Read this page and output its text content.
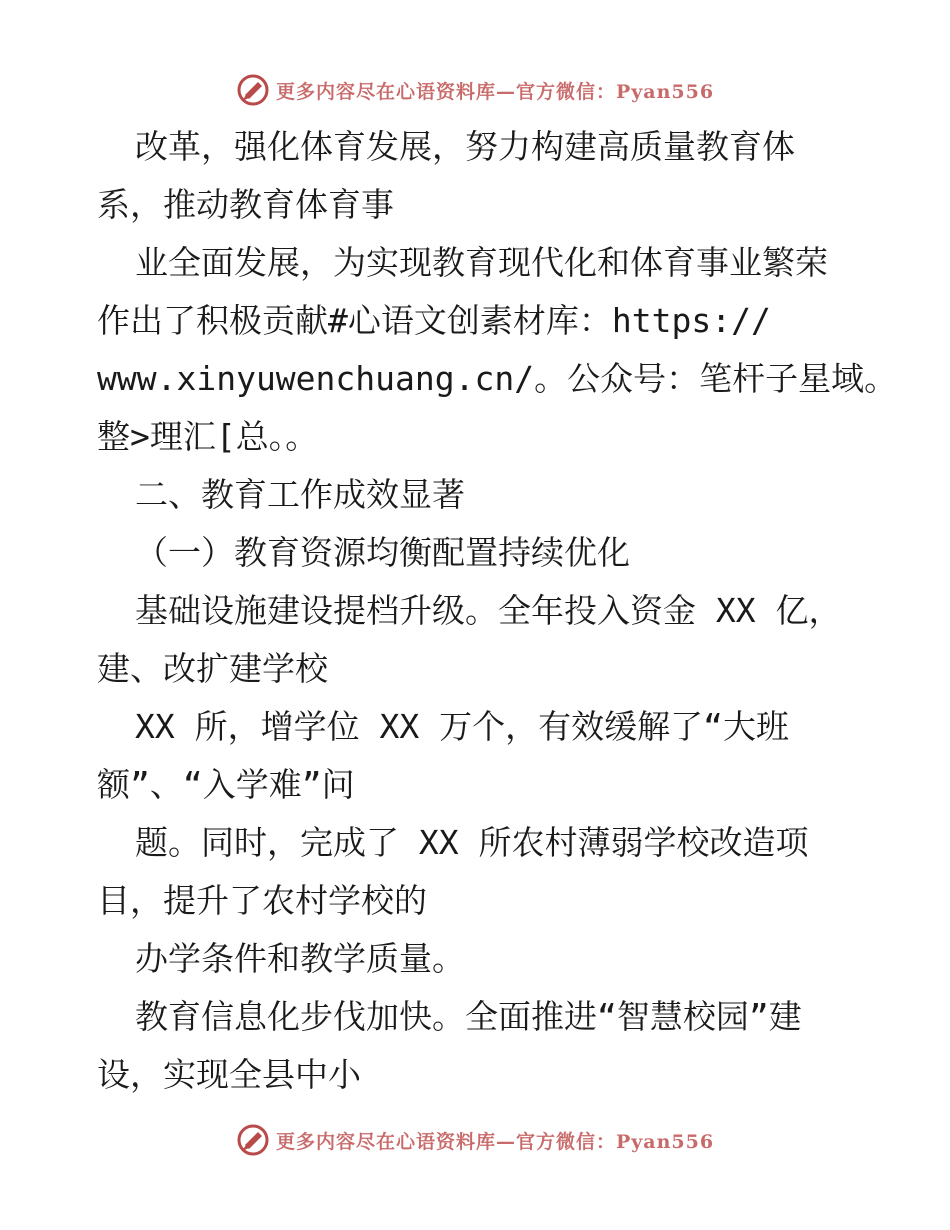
更多内容尽在心语资料库—官方微信：Pyan556
改革，强化体育发展，努力构建高质量教育体
系，推动教育体育事
业全面发展，为实现教育现代化和体育事业繁荣
作出了积极贡献#心语文创素材库：https://
www.xinyuwenchuang.cn/。公众号：笔杆子星域。
整>理汇[总。。
二、教育工作成效显著
（一）教育资源均衡配置持续优化
基础设施建设提档升级。全年投入资金 XX 亿，
建、改扩建学校
XX 所，增学位 XX 万个，有效缓解了“大班
额”、“入学难”问
题。同时，完成了 XX 所农村薄弱学校改造项
目，提升了农村学校的
办学条件和教学质量。
教育信息化步伐加快。全面推进“智慧校园”建
设，实现全县中小
更多内容尽在心语资料库—官方微信：Pyan556
